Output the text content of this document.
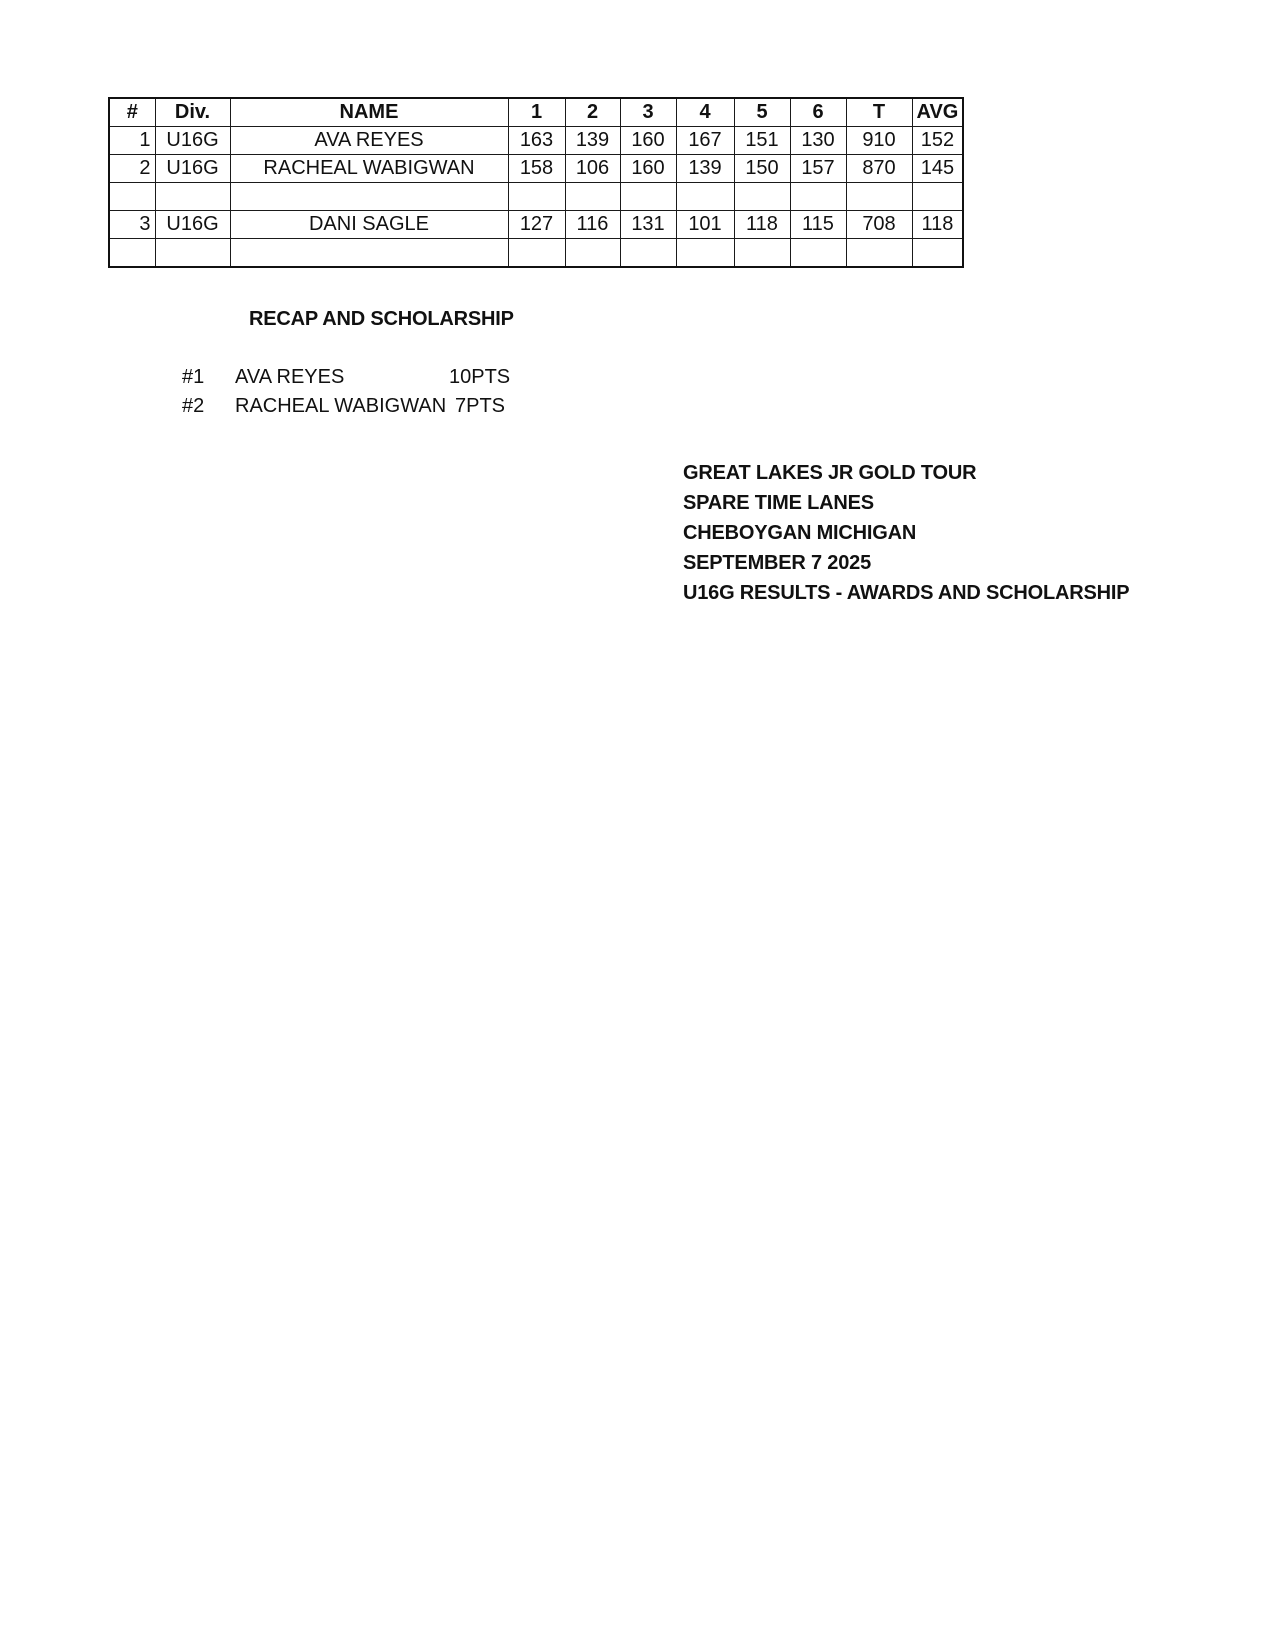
#	Div.	NAME	1	2	3	4	5	6	T	AVG
1	U16G	AVA REYES	163	139	160	167	151	130	910	152
2	U16G	RACHEAL WABIGWAN	158	106	160	139	150	157	870	145

3	U16G	DANI SAGLE	127	116	131	101	118	115	708	118

RECAP AND SCHOLARSHIP
#1 AVA REYES	10PTS
#2 RACHEAL WABIGWAN 7PTS
GREAT LAKES JR GOLD TOUR
SPARE TIME LANES
CHEBOYGAN MICHIGAN
SEPTEMBER 7 2025
U16G RESULTS - AWARDS AND SCHOLARSHIP
